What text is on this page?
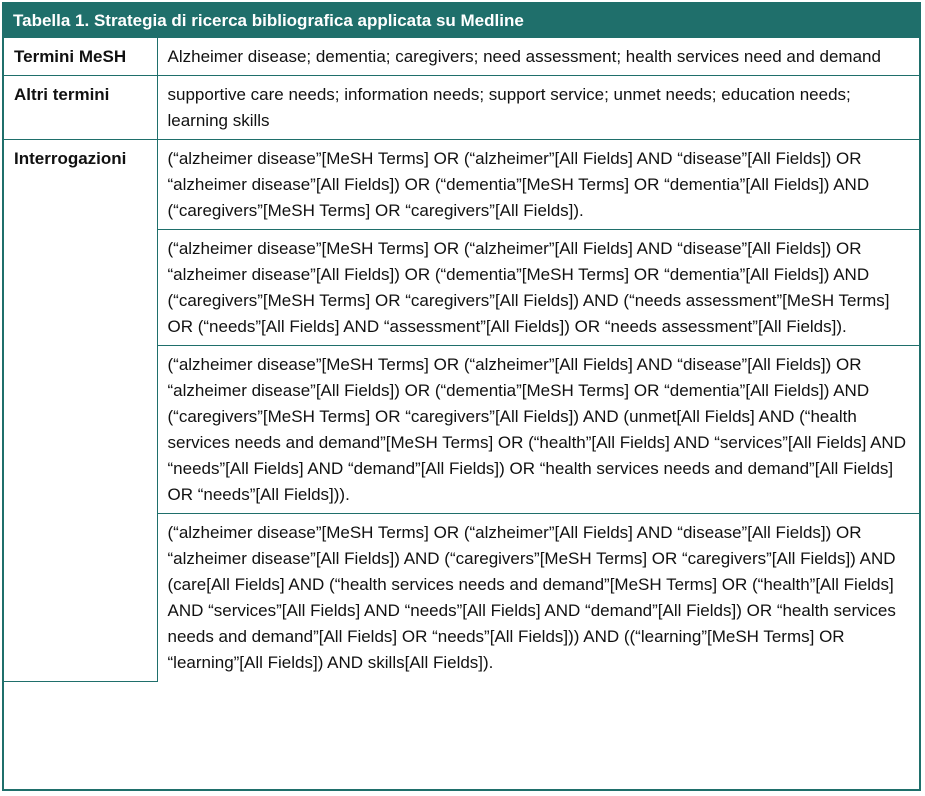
Tabella 1. Strategia di ricerca bibliografica applicata su Medline
Termini MeSH	Alzheimer disease; dementia; caregivers; need assessment; health services need and demand
Altri termini	supportive care needs; information needs; support service; unmet needs; education needs; learning skills
Interrogazioni	(“alzheimer disease”[MeSH Terms] OR (“alzheimer”[All Fields] AND “disease”[All Fields]) OR “alzheimer disease”[All Fields]) OR (“dementia”[MeSH Terms] OR “dementia”[All Fields]) AND (“caregivers”[MeSH Terms] OR “caregivers”[All Fields]).
	(“alzheimer disease”[MeSH Terms] OR (“alzheimer”[All Fields] AND “disease”[All Fields]) OR “alzheimer disease”[All Fields]) OR (“dementia”[MeSH Terms] OR “dementia”[All Fields]) AND (“caregivers”[MeSH Terms] OR “caregivers”[All Fields]) AND (“needs assessment”[MeSH Terms] OR (“needs”[All Fields] AND “assessment”[All Fields]) OR “needs assessment”[All Fields]).
	(“alzheimer disease”[MeSH Terms] OR (“alzheimer”[All Fields] AND “disease”[All Fields]) OR “alzheimer disease”[All Fields]) OR (“dementia”[MeSH Terms] OR “dementia”[All Fields]) AND (“caregivers”[MeSH Terms] OR “caregivers”[All Fields]) AND (unmet[All Fields] AND (“health services needs and demand”[MeSH Terms] OR (“health”[All Fields] AND “services”[All Fields] AND “needs”[All Fields] AND “demand”[All Fields]) OR “health services needs and demand”[All Fields] OR “needs”[All Fields])).
	(“alzheimer disease”[MeSH Terms] OR (“alzheimer”[All Fields] AND “disease”[All Fields]) OR “alzheimer disease”[All Fields]) AND (“caregivers”[MeSH Terms] OR “caregivers”[All Fields]) AND (care[All Fields] AND (“health services needs and demand”[MeSH Terms] OR (“health”[All Fields] AND “services”[All Fields] AND “needs”[All Fields] AND “demand”[All Fields]) OR “health services needs and demand”[All Fields] OR “needs”[All Fields])) AND ((“learning”[MeSH Terms] OR “learning”[All Fields]) AND skills[All Fields]).
